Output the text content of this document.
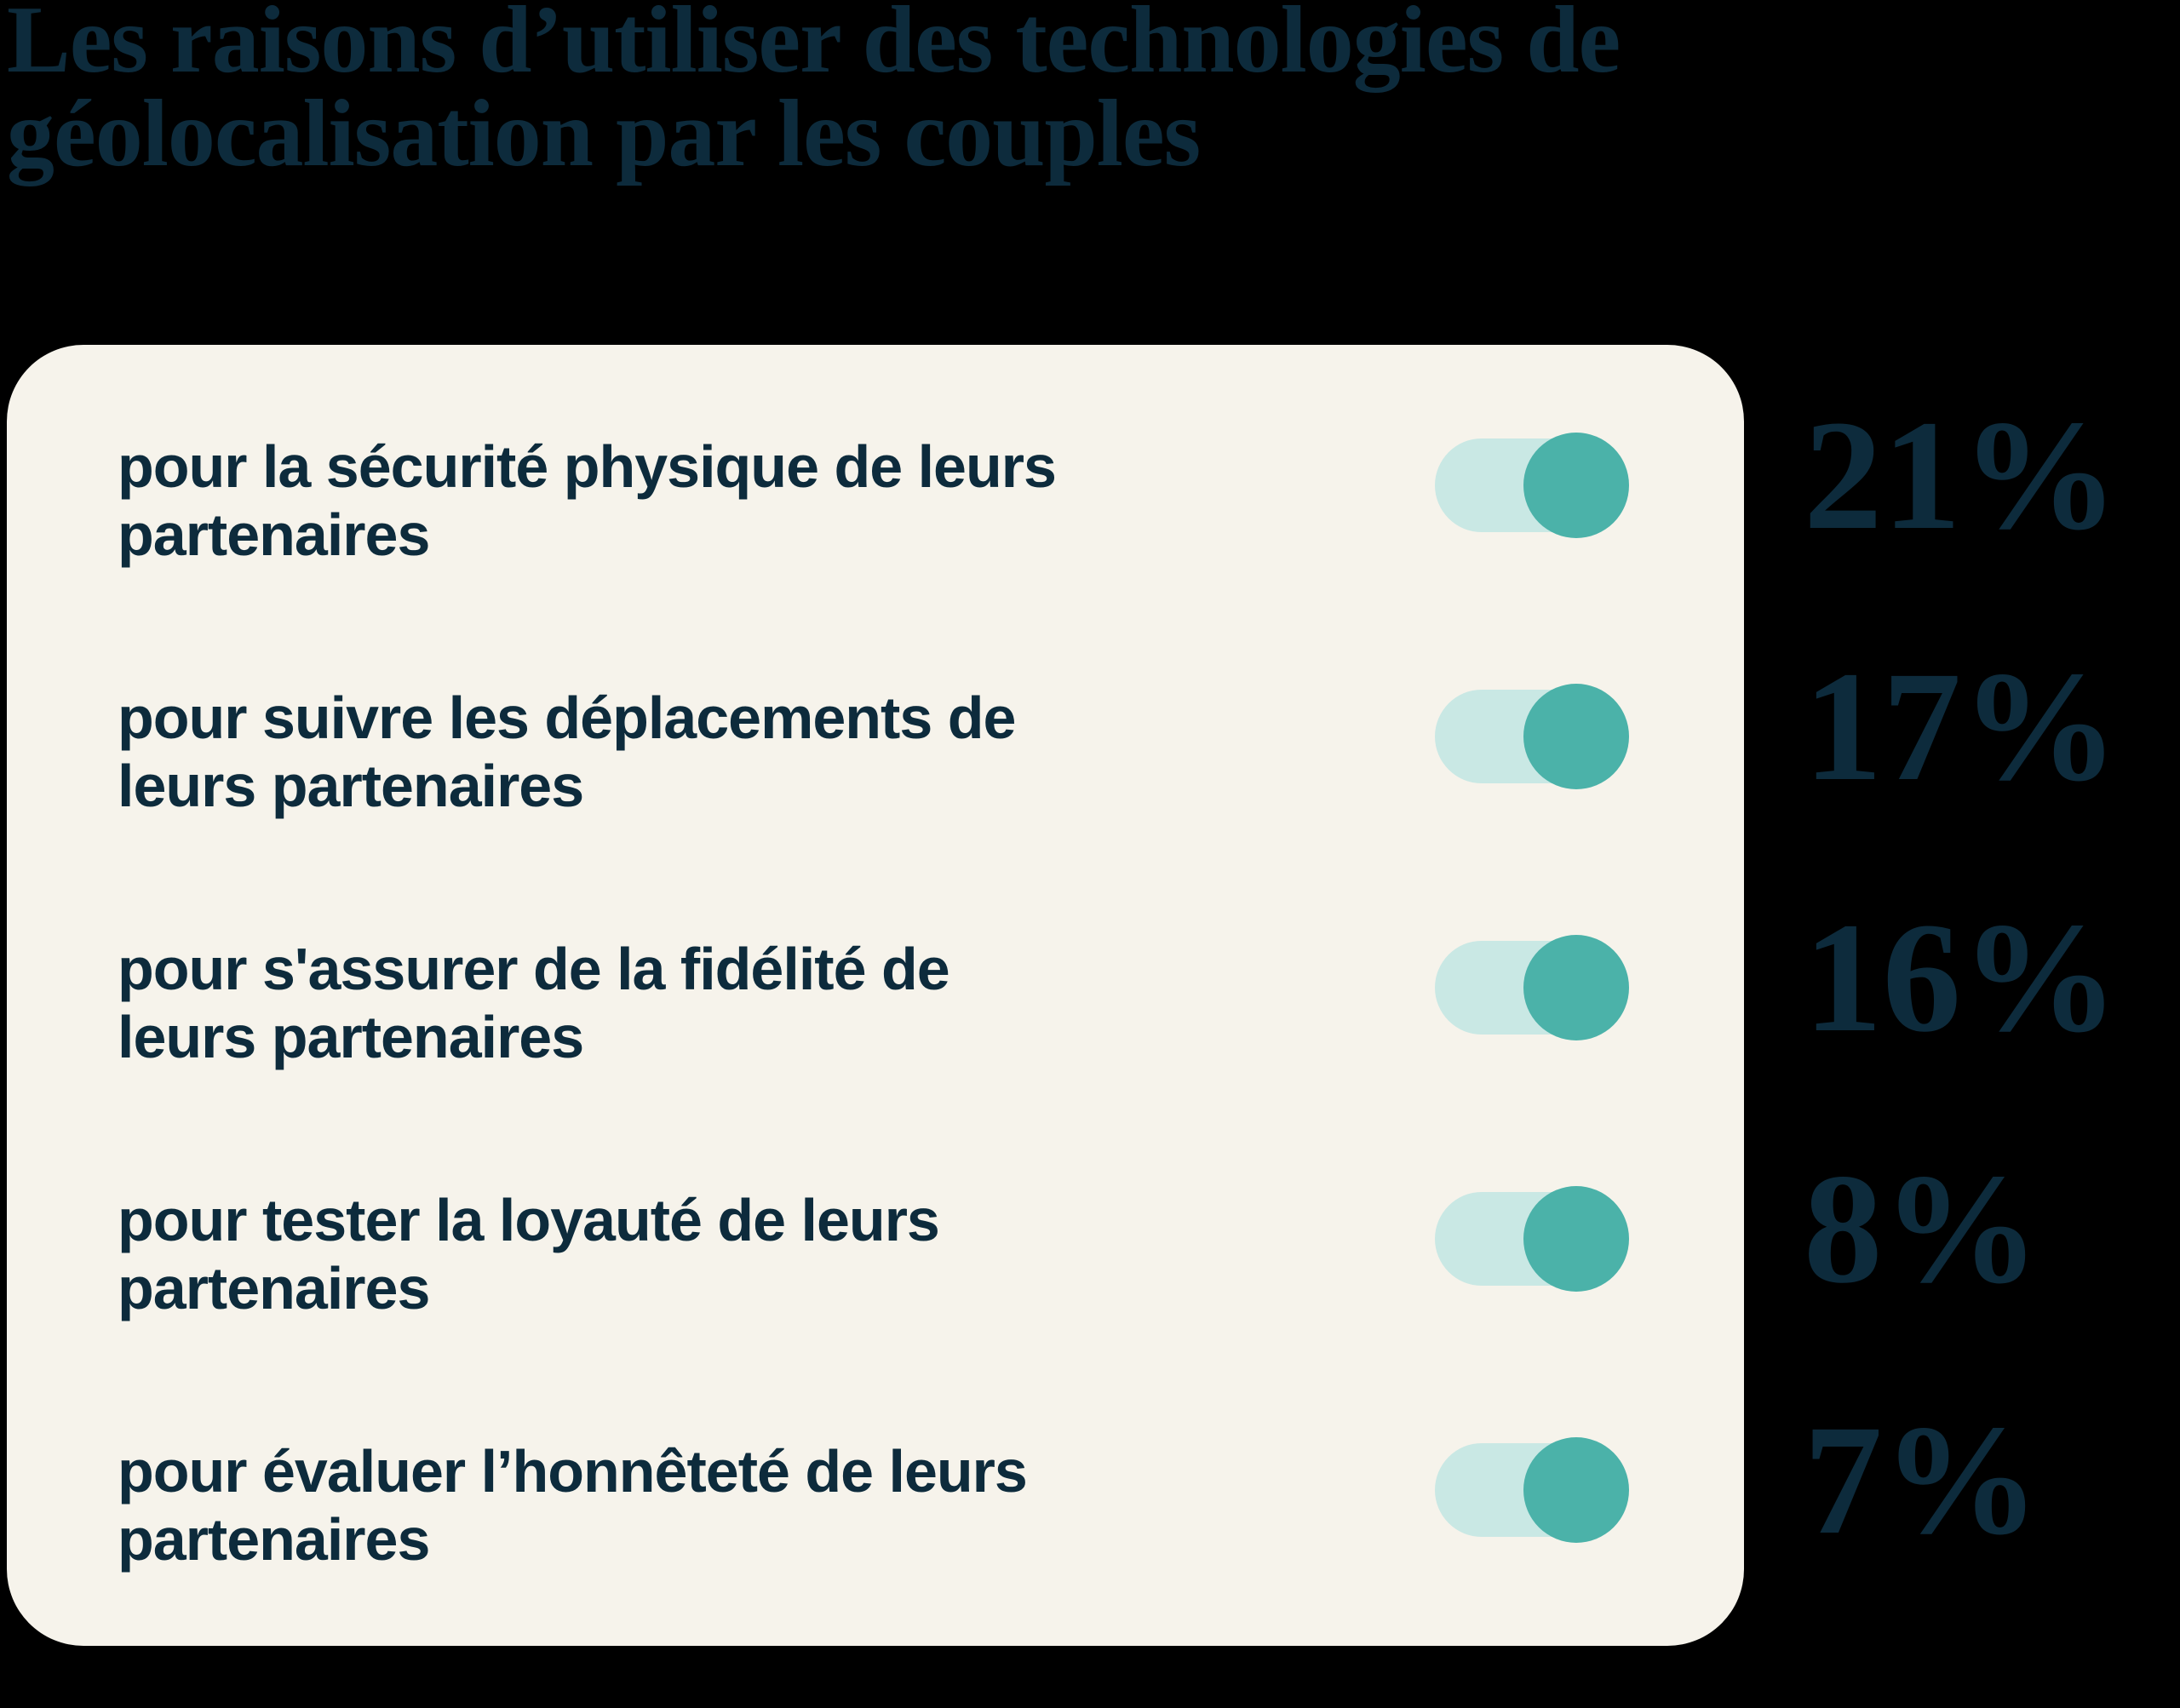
Les raisons d’utiliser des technologies de
géolocalisation par les couples
pour la sécurité physique de leurs
partenaires
pour suivre les déplacements de
leurs partenaires
pour s'assurer de la fidélité de
leurs partenaires
pour tester la loyauté de leurs
partenaires
pour évaluer l’honnêteté de leurs
partenaires

21%

17%

16%

8%

7%
